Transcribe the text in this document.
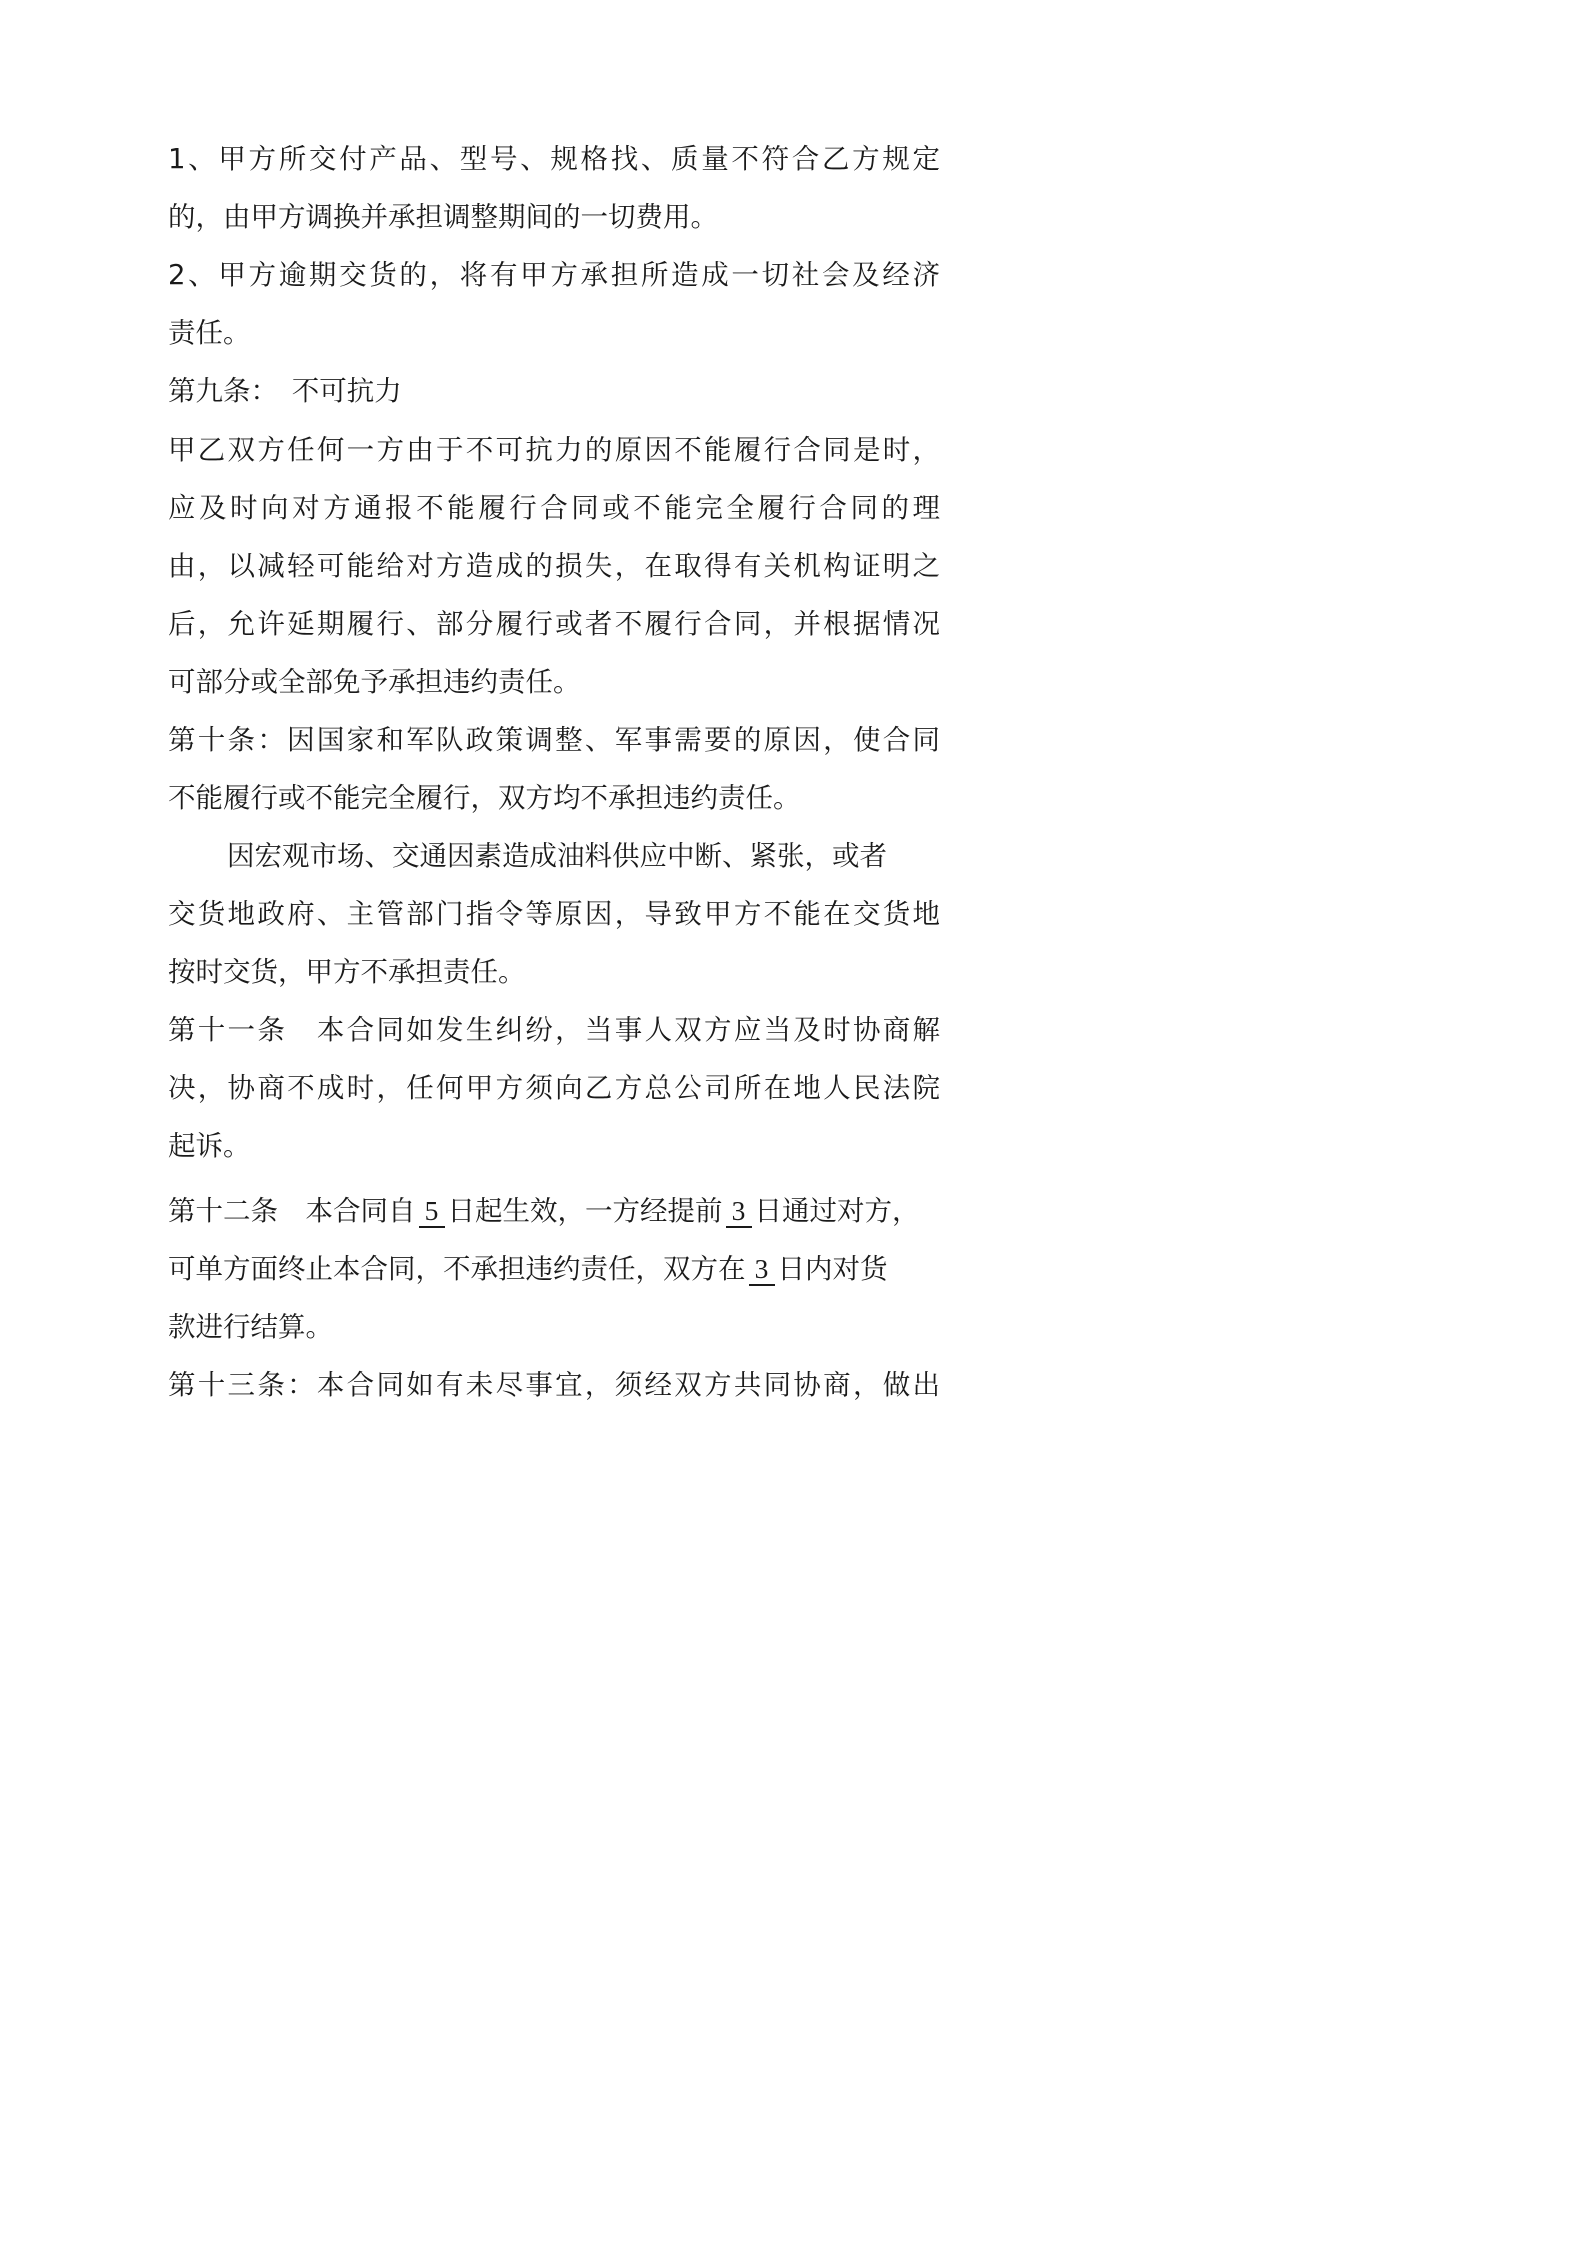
1、甲方所交付产品、型号、规格找、质量不符合乙方规定
的，由甲方调换并承担调整期间的一切费用。
2、甲方逾期交货的，将有甲方承担所造成一切社会及经济
责任。
第九条：　不可抗力
甲乙双方任何一方由于不可抗力的原因不能履行合同是时，
应及时向对方通报不能履行合同或不能完全履行合同的理
由，以减轻可能给对方造成的损失，在取得有关机构证明之
后，允许延期履行、部分履行或者不履行合同，并根据情况
可部分或全部免予承担违约责任。
第十条：因国家和军队政策调整、军事需要的原因，使合同
不能履行或不能完全履行，双方均不承担违约责任。
因宏观市场、交通因素造成油料供应中断、紧张，或者
交货地政府、主管部门指令等原因，导致甲方不能在交货地
按时交货，甲方不承担责任。
第十一条　本合同如发生纠纷，当事人双方应当及时协商解
决，协商不成时，任何甲方须向乙方总公司所在地人民法院
起诉。
第十二条　本合同自 5 日起生效，一方经提前 3 日通过对方，
可单方面终止本合同，不承担违约责任，双方在 3 日内对货
款进行结算。
第十三条：本合同如有未尽事宜，须经双方共同协商，做出
